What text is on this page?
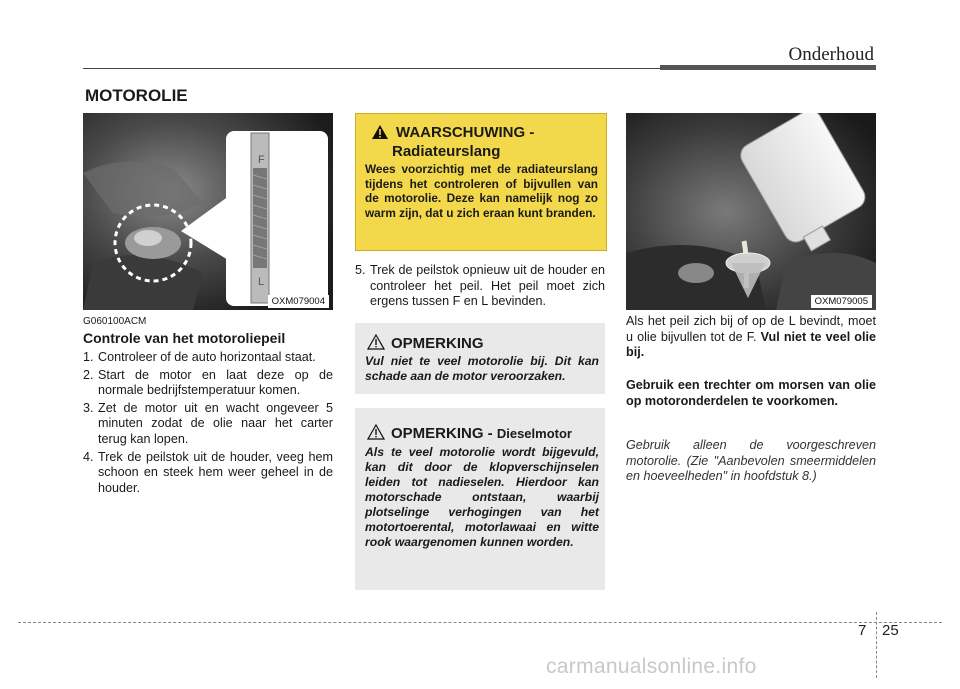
Onderhoud
MOTOROLIE
F
L
OXM079004
G060100ACM
Controle van het motoroliepeil
1. Controleer of de auto horizontaal staat.
2. Start de motor en laat deze op de normale bedrijfstemperatuur komen.
3. Zet de motor uit en wacht ongeveer 5 minuten zodat de olie naar het carter terug kan lopen.
4. Trek de peilstok uit de houder, veeg hem schoon en steek hem weer geheel in de houder.
WAARSCHUWING -
Radiateurslang
Wees voorzichtig met de radiateurslang tijdens het controleren of bijvullen van de motorolie. Deze kan namelijk nog zo warm zijn, dat u zich eraan kunt branden.
5. Trek de peilstok opnieuw uit de houder en controleer het peil. Het peil moet zich ergens tussen F en L bevinden.
OPMERKING
Vul niet te veel motorolie bij. Dit kan schade aan de motor veroorzaken.
OPMERKING - Dieselmotor
Als te veel motorolie wordt bijgevuld, kan dit door de klopverschijnselen leiden tot nadieselen. Hierdoor kan motorschade ontstaan, waarbij plotselinge verhogingen van het motortoerental, motorlawaai en witte rook waargenomen kunnen worden.
OXM079005
Als het peil zich bij of op de L bevindt, moet u olie bijvullen tot de F. Vul niet te veel olie bij.
Gebruik een trechter om morsen van olie op motoronderdelen te voorkomen.
Gebruik alleen de voorgeschreven motorolie. (Zie "Aanbevolen smeermiddelen en hoeveelheden" in hoofdstuk 8.)
7 25
carmanualsonline.info
